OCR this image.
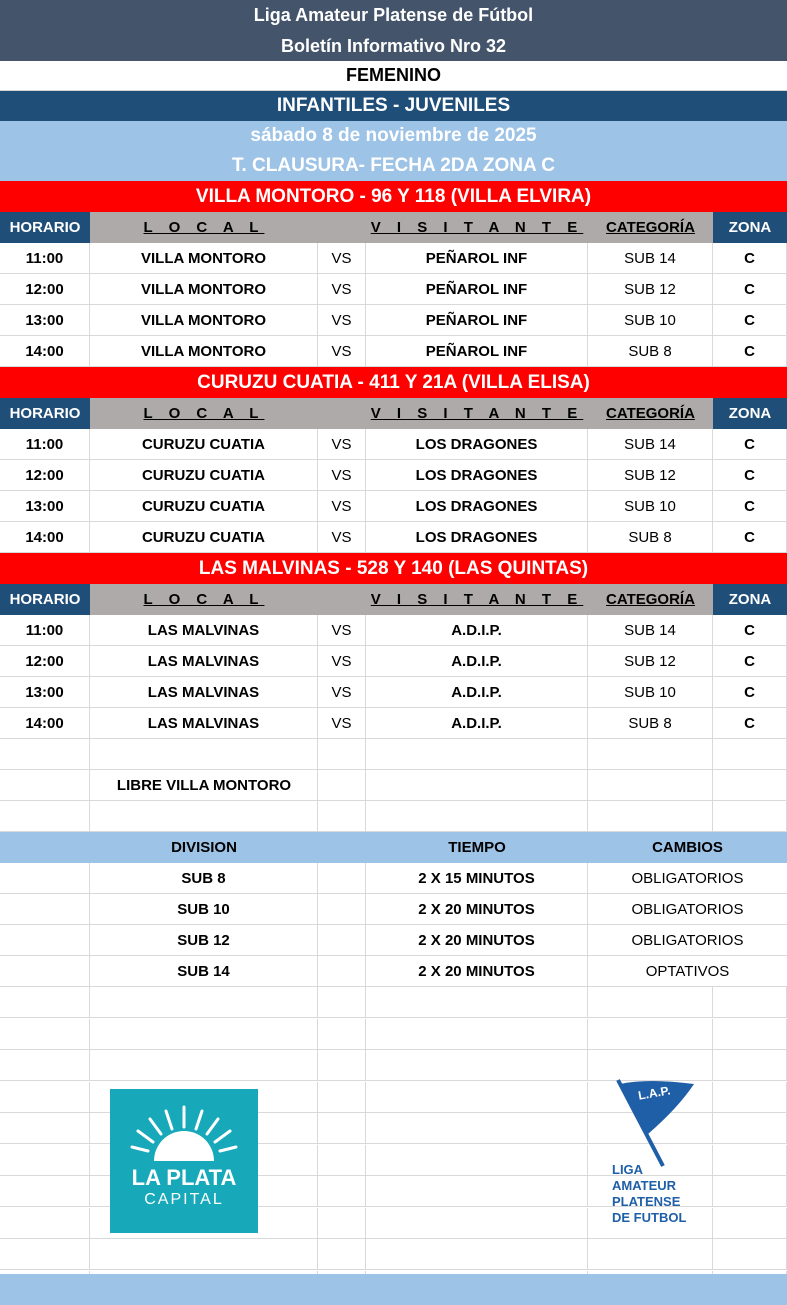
Liga Amateur Platense de Fútbol
Boletín Informativo Nro 32
FEMENINO
INFANTILES - JUVENILES
sábado 8 de noviembre de 2025
T. CLAUSURA- FECHA 2DA ZONA C
VILLA MONTORO - 96 Y 118 (VILLA ELVIRA)
HORARIO	L O C A L	V I S I T A N T E	CATEGORÍA	ZONA
11:00	VILLA MONTORO	VS	PEÑAROL INF	SUB 14	C
12:00	VILLA MONTORO	VS	PEÑAROL INF	SUB 12	C
13:00	VILLA MONTORO	VS	PEÑAROL INF	SUB 10	C
14:00	VILLA MONTORO	VS	PEÑAROL INF	SUB 8	C
CURUZU CUATIA - 411 Y 21A (VILLA ELISA)
HORARIO	L O C A L	V I S I T A N T E	CATEGORÍA	ZONA
11:00	CURUZU CUATIA	VS	LOS DRAGONES	SUB 14	C
12:00	CURUZU CUATIA	VS	LOS DRAGONES	SUB 12	C
13:00	CURUZU CUATIA	VS	LOS DRAGONES	SUB 10	C
14:00	CURUZU CUATIA	VS	LOS DRAGONES	SUB 8	C
LAS MALVINAS - 528 Y 140 (LAS QUINTAS)
HORARIO	L O C A L	V I S I T A N T E	CATEGORÍA	ZONA
11:00	LAS MALVINAS	VS	A.D.I.P.	SUB 14	C
12:00	LAS MALVINAS	VS	A.D.I.P.	SUB 12	C
13:00	LAS MALVINAS	VS	A.D.I.P.	SUB 10	C
14:00	LAS MALVINAS	VS	A.D.I.P.	SUB 8	C
LIBRE VILLA MONTORO
DIVISION	TIEMPO	CAMBIOS
SUB 8	2 X 15 MINUTOS	OBLIGATORIOS
SUB 10	2 X 20 MINUTOS	OBLIGATORIOS
SUB 12	2 X 20 MINUTOS	OBLIGATORIOS
SUB 14	2 X 20 MINUTOS	OPTATIVOS
LA PLATA
CAPITAL
L.A.P.
LIGA
AMATEUR
PLATENSE
DE FUTBOL
